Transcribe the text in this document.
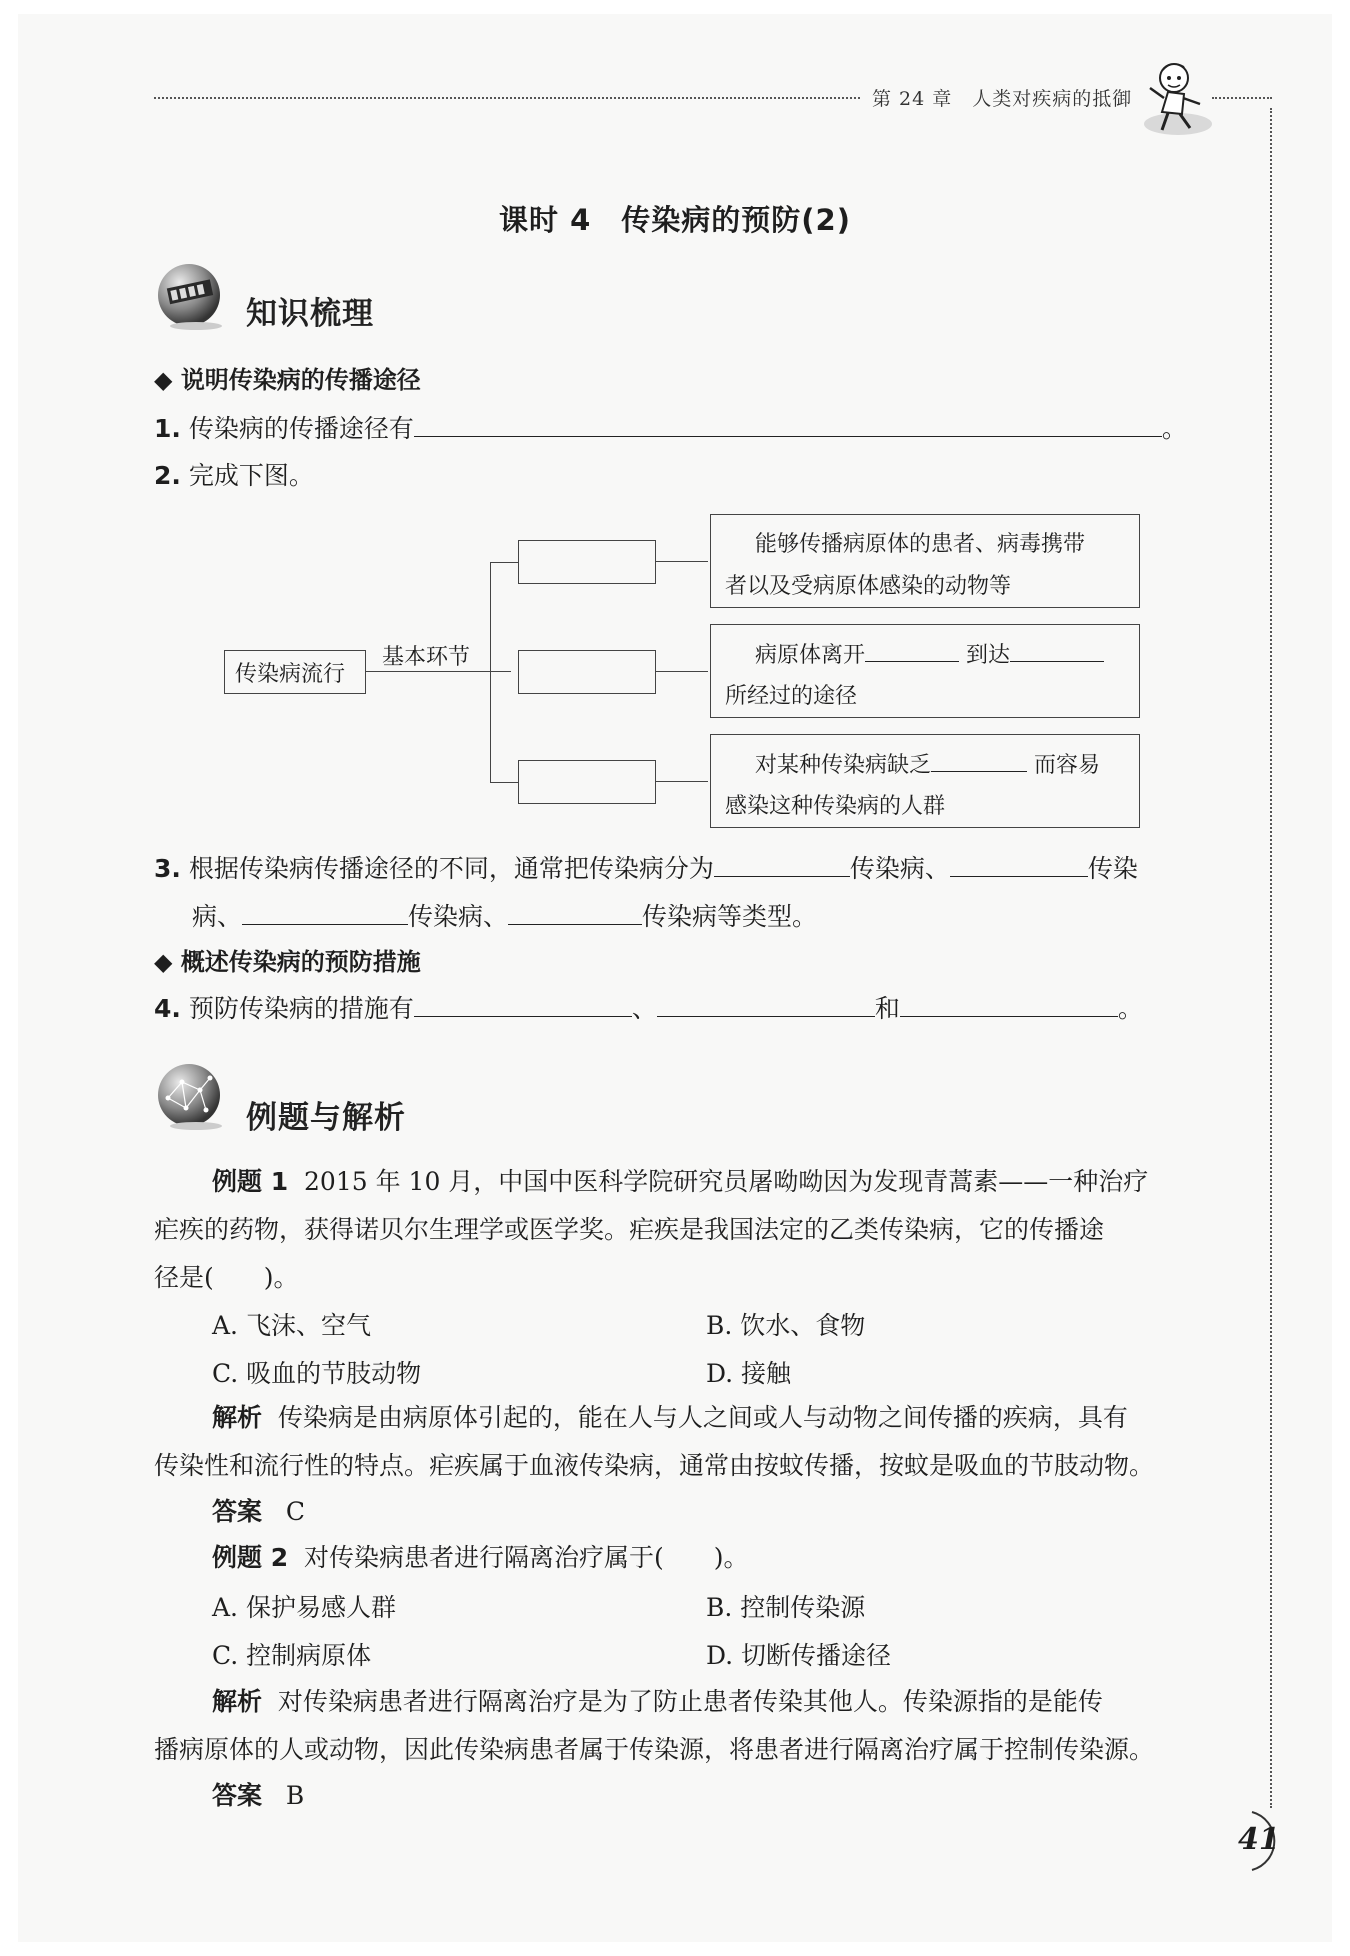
第 24 章　人类对疾病的抵御
课时 4　传染病的预防(2)
知识梳理
◆ 说明传染病的传播途径
1. 传染病的传播途径有	。
2. 完成下图。
传染病流行
基本环节
能够传播病原体的患者、病毒携带
者以及受病原体感染的动物等
病原体离开	到达
所经过的途径
对某种传染病缺乏	而容易
感染这种传染病的人群
3. 根据传染病传播途径的不同，通常把传染病分为	传染病、	传染
病、	传染病、	传染病等类型。
◆ 概述传染病的预防措施
4. 预防传染病的措施有	、	和	。
例题与解析
例题 1 2015 年 10 月，中国中医科学院研究员屠呦呦因为发现青蒿素——一种治疗
疟疾的药物，获得诺贝尔生理学或医学奖。疟疾是我国法定的乙类传染病，它的传播途
径是(　　)。
A. 飞沫、空气	B. 饮水、食物
C. 吸血的节肢动物	D. 接触
解析 传染病是由病原体引起的，能在人与人之间或人与动物之间传播的疾病，具有
传染性和流行性的特点。疟疾属于血液传染病，通常由按蚊传播，按蚊是吸血的节肢动物。
答案 C
例题 2 对传染病患者进行隔离治疗属于(　　)。
A. 保护易感人群	B. 控制传染源
C. 控制病原体	D. 切断传播途径
解析 对传染病患者进行隔离治疗是为了防止患者传染其他人。传染源指的是能传
播病原体的人或动物，因此传染病患者属于传染源，将患者进行隔离治疗属于控制传染源。
答案 B
41
